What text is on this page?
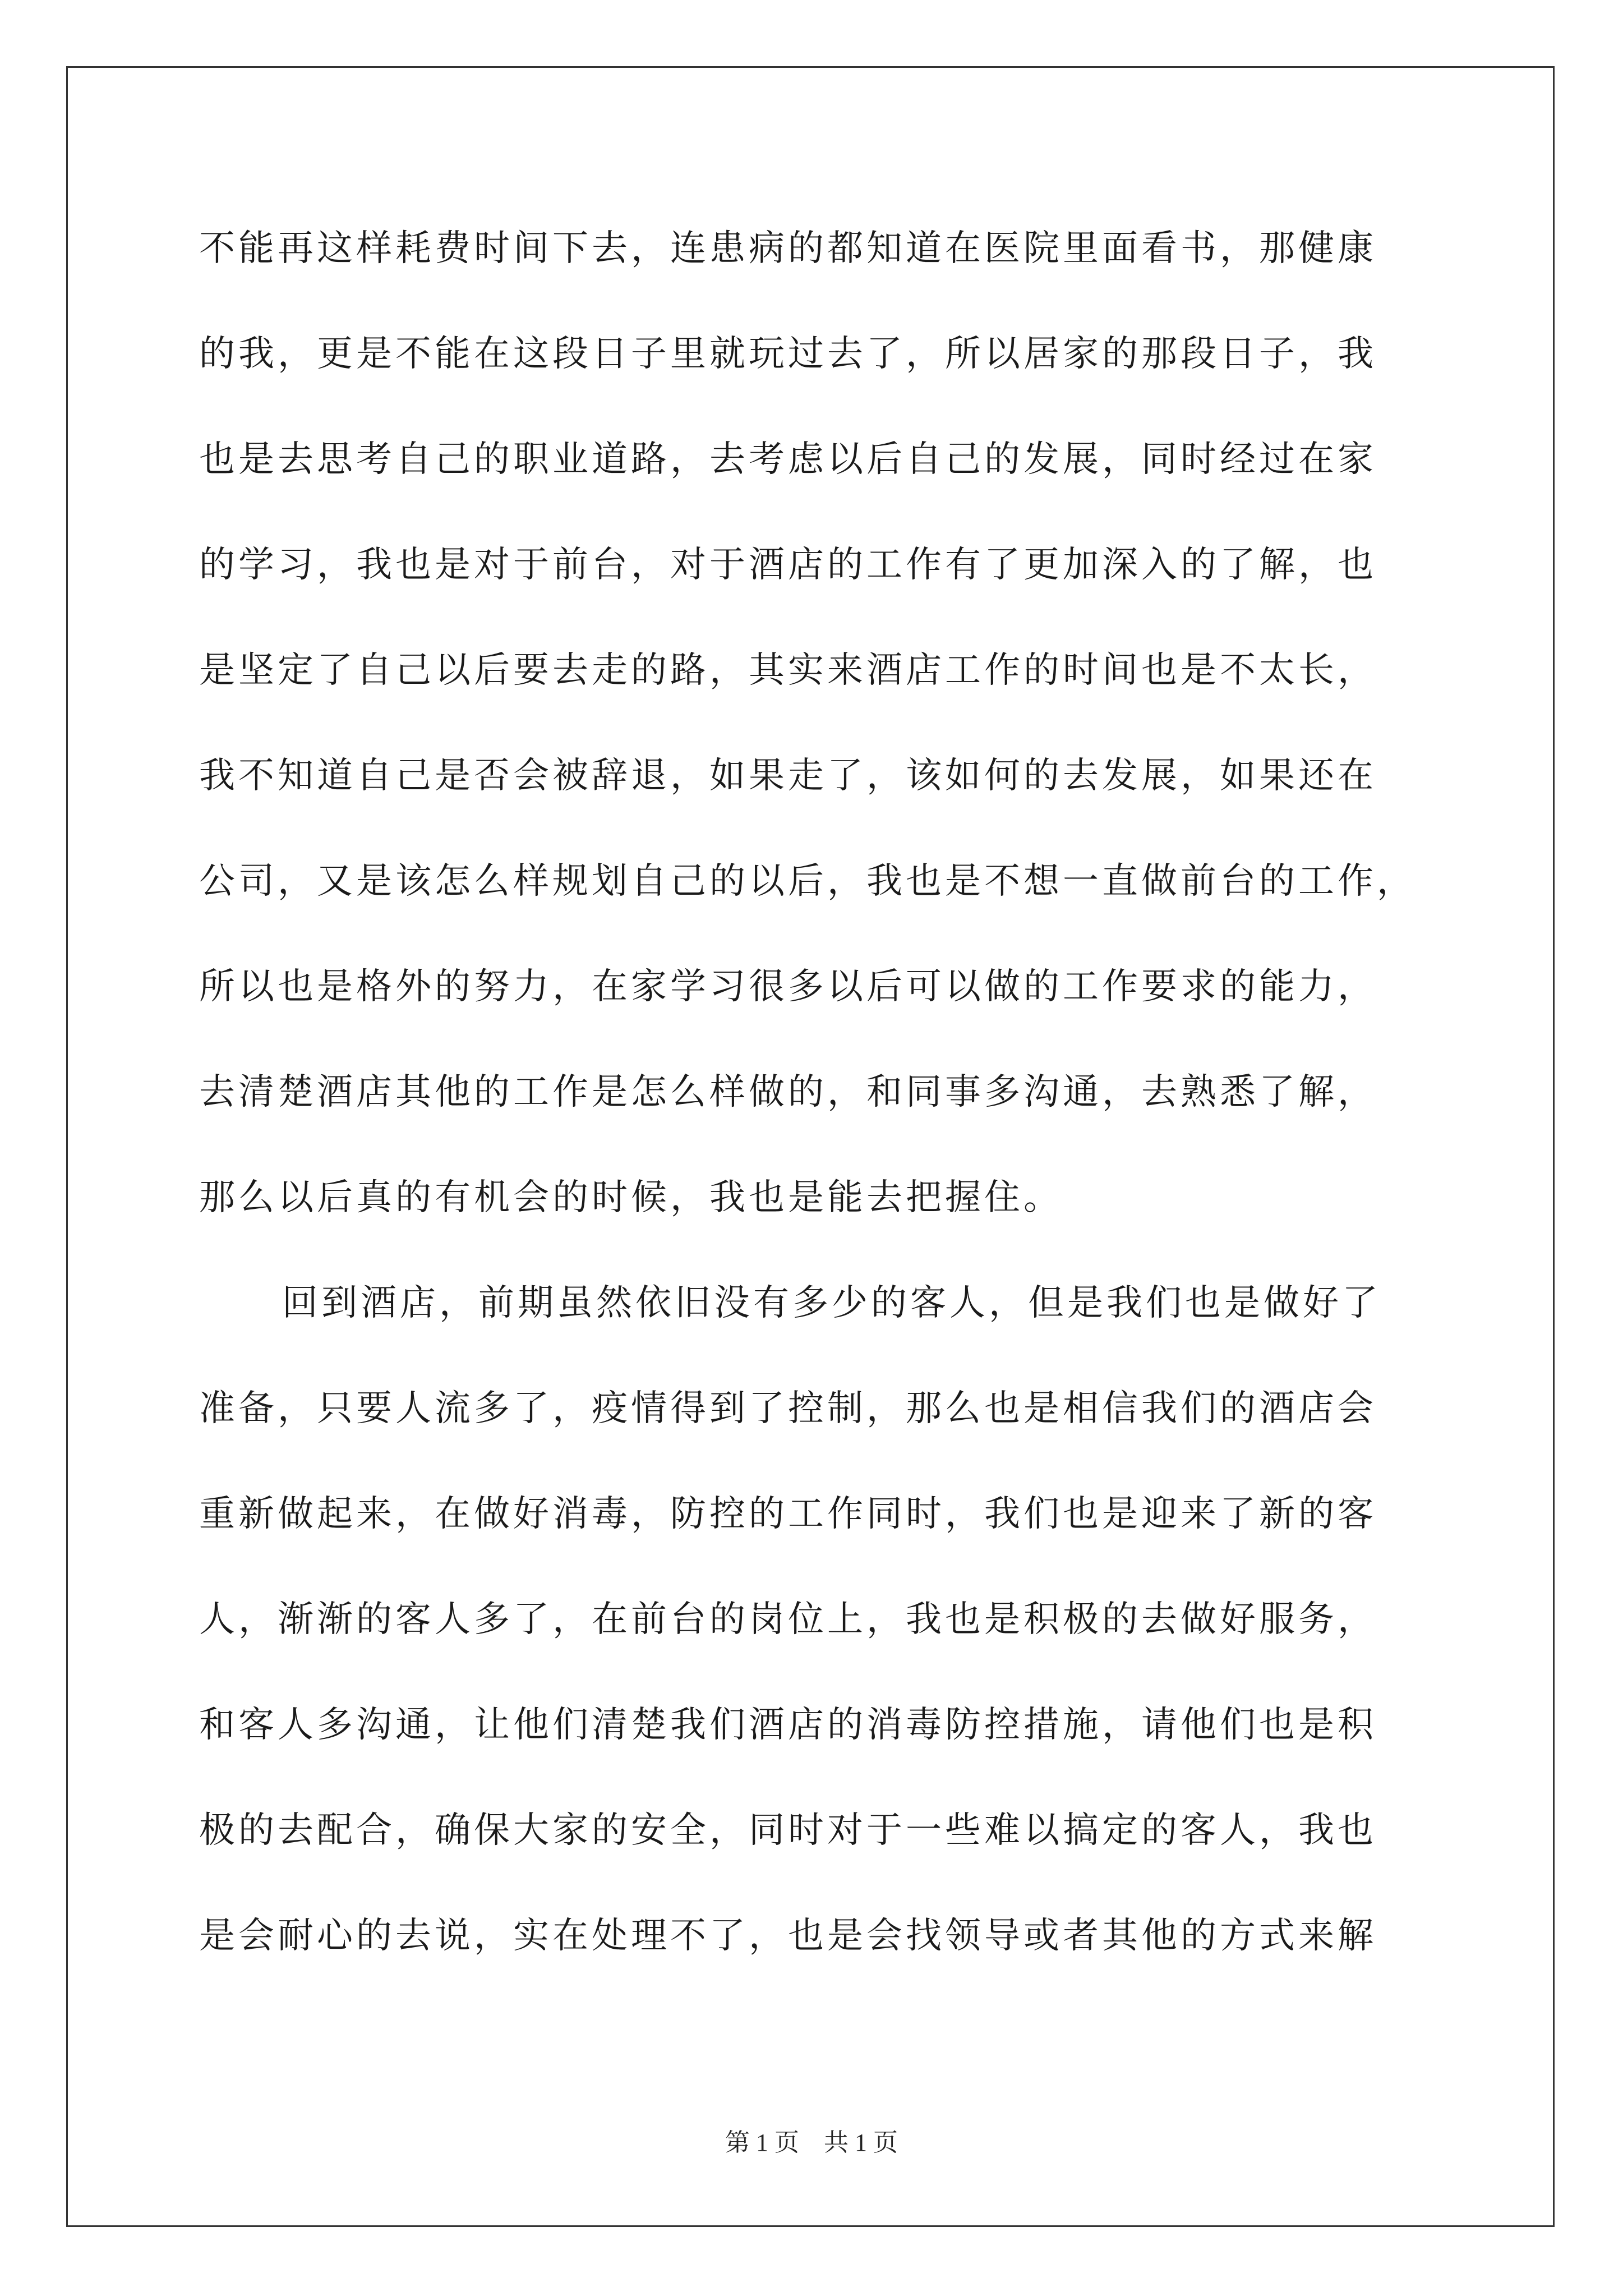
不能再这样耗费时间下去，连患病的都知道在医院里面看书，那健康
的我，更是不能在这段日子里就玩过去了，所以居家的那段日子，我
也是去思考自己的职业道路，去考虑以后自己的发展，同时经过在家
的学习，我也是对于前台，对于酒店的工作有了更加深入的了解，也
是坚定了自己以后要去走的路，其实来酒店工作的时间也是不太长，
我不知道自己是否会被辞退，如果走了，该如何的去发展，如果还在
公司，又是该怎么样规划自己的以后，我也是不想一直做前台的工作，
所以也是格外的努力，在家学习很多以后可以做的工作要求的能力，
去清楚酒店其他的工作是怎么样做的，和同事多沟通，去熟悉了解，
那么以后真的有机会的时候，我也是能去把握住。
回到酒店，前期虽然依旧没有多少的客人，但是我们也是做好了
准备，只要人流多了，疫情得到了控制，那么也是相信我们的酒店会
重新做起来，在做好消毒，防控的工作同时，我们也是迎来了新的客
人，渐渐的客人多了，在前台的岗位上，我也是积极的去做好服务，
和客人多沟通，让他们清楚我们酒店的消毒防控措施，请他们也是积
极的去配合，确保大家的安全，同时对于一些难以搞定的客人，我也
是会耐心的去说，实在处理不了，也是会找领导或者其他的方式来解
第 1 页　共 1 页
